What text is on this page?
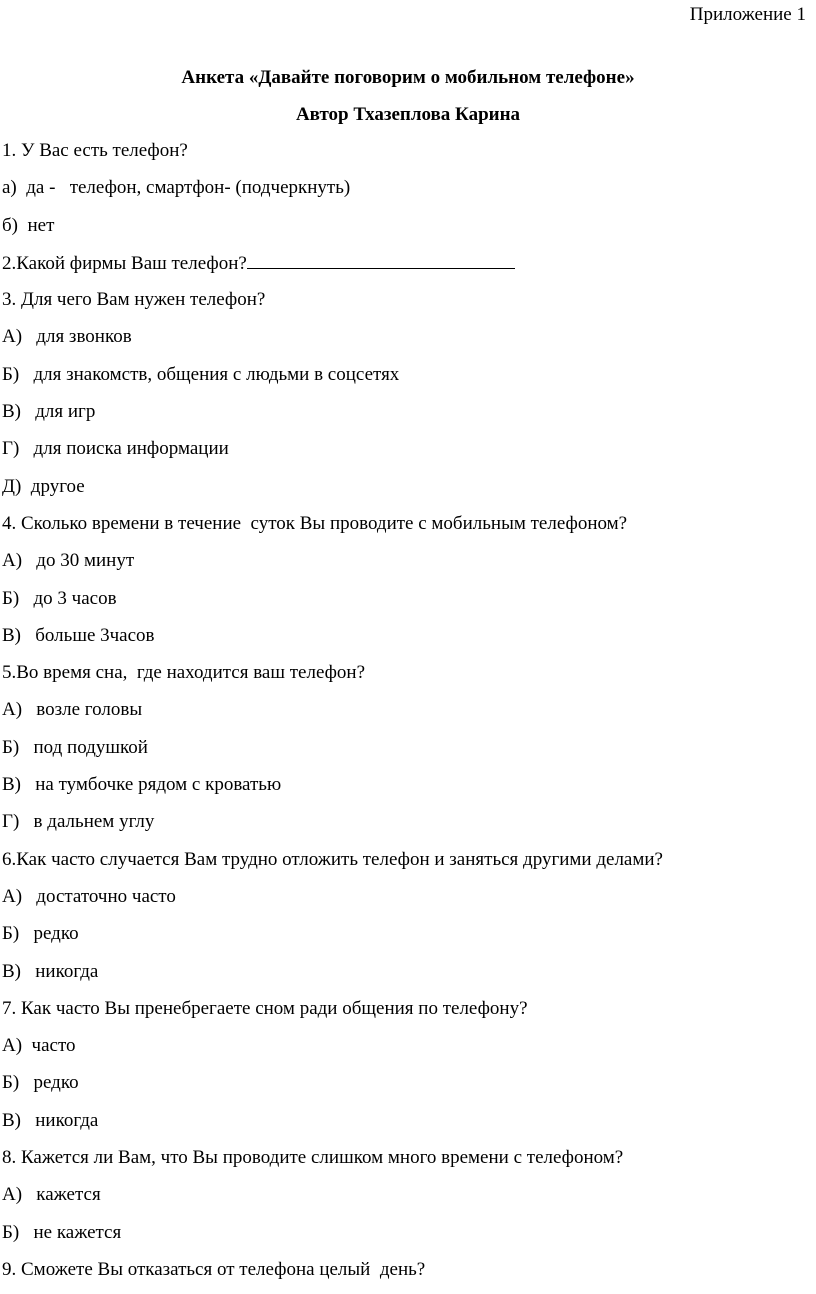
Приложение 1
Анкета «Давайте поговорим о мобильном телефоне»
Автор Тхазеплова Карина
1. У Вас есть телефон?
а)  да -   телефон, смартфон- (подчеркнуть)
б)  нет
2.Какой фирмы Ваш телефон?
3. Для чего Вам нужен телефон?
А)   для звонков
Б)   для знакомств, общения с людьми в соцсетях
В)   для игр
Г)   для поиска информации
Д)  другое
4. Сколько времени в течение  суток Вы проводите с мобильным телефоном?
А)   до 30 минут
Б)   до 3 часов
В)   больше 3часов
5.Во время сна,  где находится ваш телефон?
А)   возле головы
Б)   под подушкой
В)   на тумбочке рядом с кроватью
Г)   в дальнем углу
6.Как часто случается Вам трудно отложить телефон и заняться другими делами?
А)   достаточно часто
Б)   редко
В)   никогда
7. Как часто Вы пренебрегаете сном ради общения по телефону?
А)  часто
Б)   редко
В)   никогда
8. Кажется ли Вам, что Вы проводите слишком много времени с телефоном?
А)   кажется
Б)   не кажется
9. Сможете Вы отказаться от телефона целый  день?
